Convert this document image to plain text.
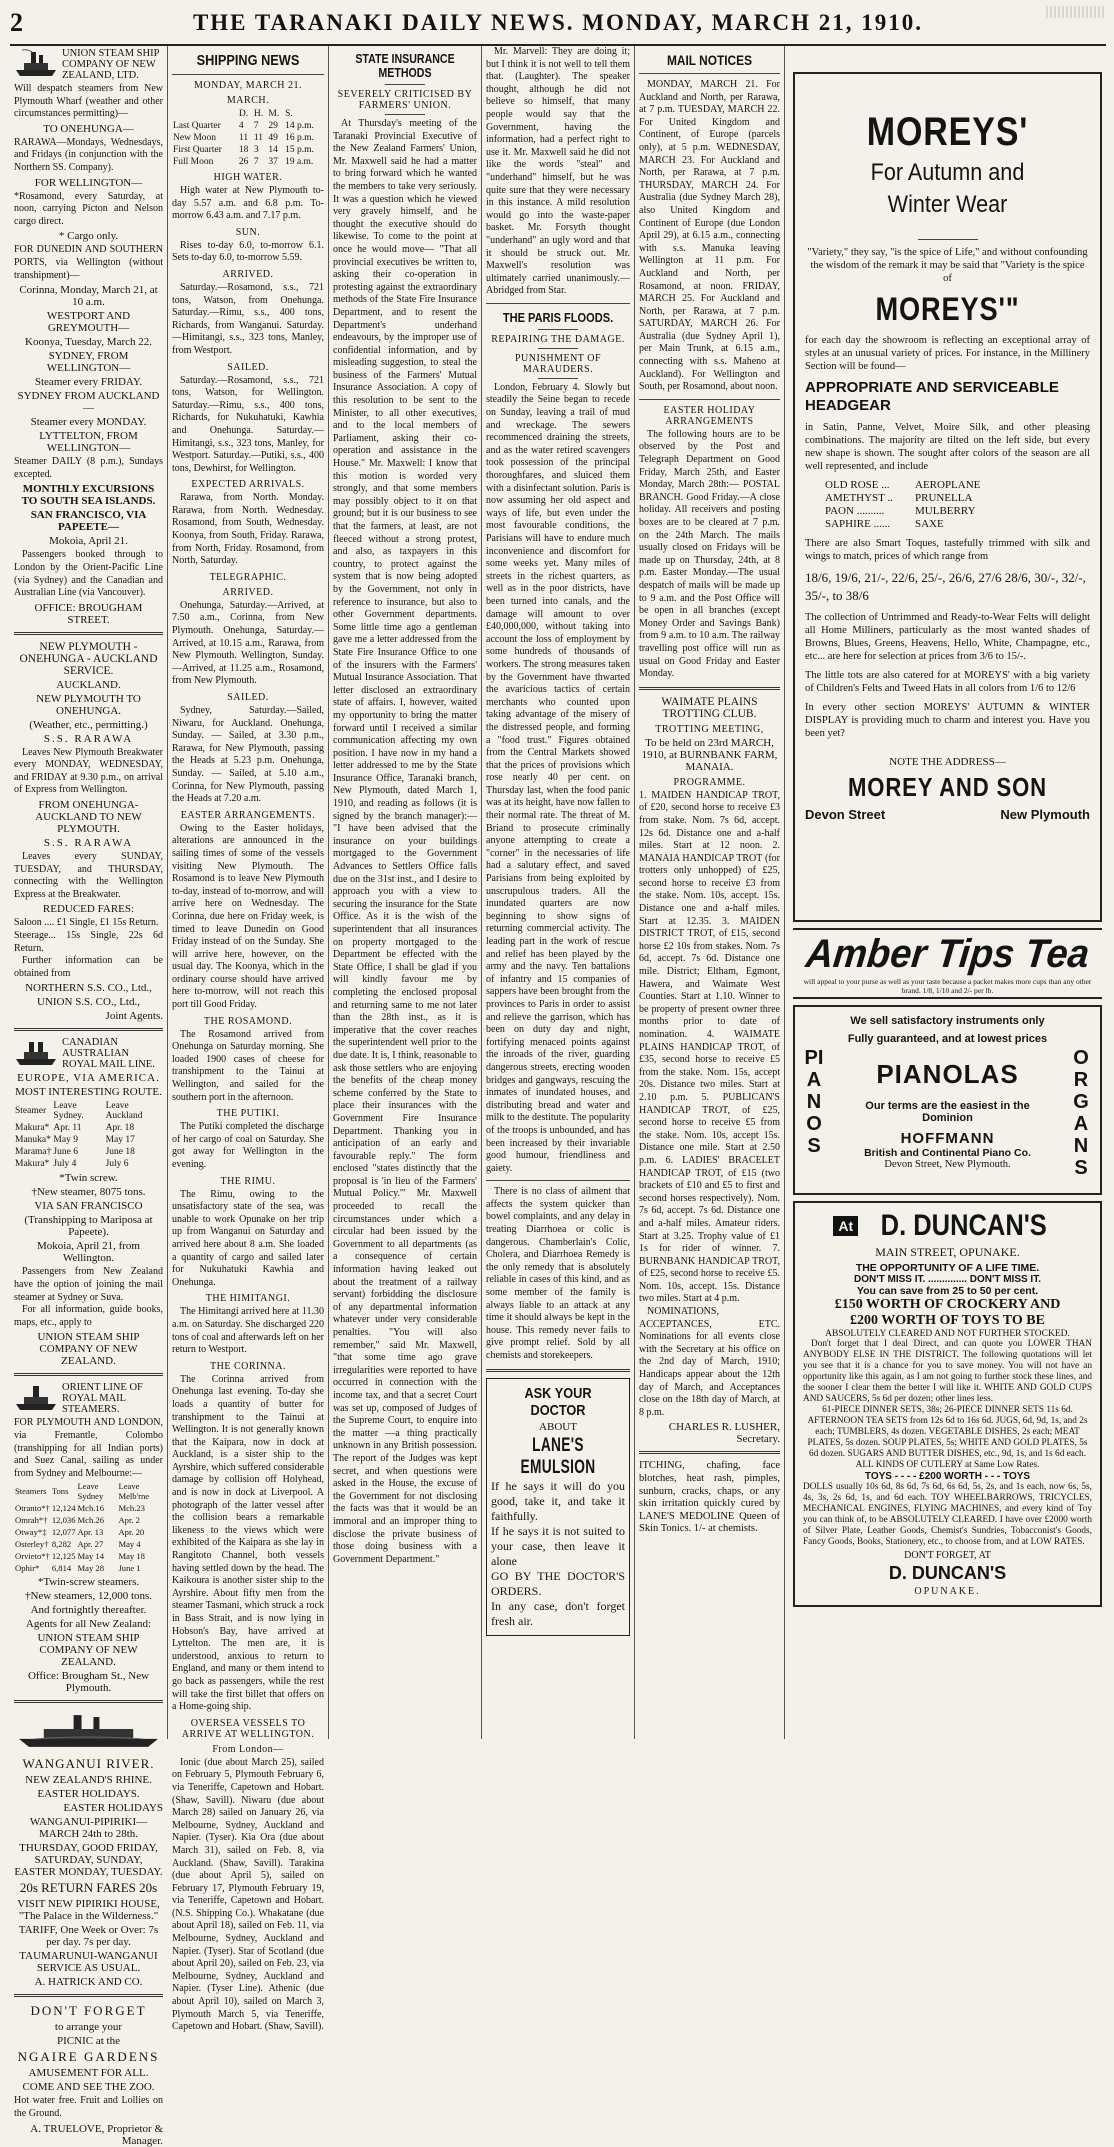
2	THE TARANAKI DAILY NEWS. MONDAY, MARCH 21, 1910.
UNION STEAM SHIP COMPANY OF NEW ZEALAND, LTD.

Will despatch steamers from New Plymouth Wharf (weather and other circumstances permitting)—

TO ONEHUNGA—

RARAWA—Mondays, Wednesdays, and Fridays (in conjunction with the Northern SS. Company).

FOR WELLINGTON—

*Rosamond, every Saturday, at noon, carrying Picton and Nelson cargo direct.

* Cargo only.

FOR DUNEDIN AND SOUTHERN PORTS, via Wellington (without transhipment)—

Corinna, Monday, March 21, at 10 a.m.
WESTPORT AND GREYMOUTH—
Koonya, Tuesday, March 22.
SYDNEY, FROM WELLINGTON—
Steamer every FRIDAY.
SYDNEY FROM AUCKLAND—
Steamer every MONDAY.
LYTTELTON, FROM WELLINGTON—

Steamer DAILY (8 p.m.), Sundays excepted.

MONTHLY EXCURSIONS TO SOUTH SEA ISLANDS.
SAN FRANCISCO, VIA PAPEETE—
Mokoia, April 21.

Passengers booked through to London by the Orient-Pacific Line (via Sydney) and the Canadian and Australian Line (via Vancouver).

OFFICE: BROUGHAM STREET.
NEW PLYMOUTH - ONEHUNGA - AUCKLAND SERVICE.
AUCKLAND.
NEW PLYMOUTH TO ONEHUNGA.
(Weather, etc., permitting.)
S.S. RARAWA

Leaves New Plymouth Breakwater every MONDAY, WEDNESDAY, and FRIDAY at 9.30 p.m., on arrival of Express from Wellington.

FROM ONEHUNGA-AUCKLAND TO NEW PLYMOUTH.
S.S. RARAWA

Leaves every SUNDAY, TUESDAY, and THURSDAY, connecting with the Wellington Express at the Breakwater.

REDUCED FARES:

Saloon .... £1 Single, £1 15s Return.

Steerage... 15s Single, 22s 6d Return.

Further information can be obtained from

NORTHERN S.S. CO., Ltd.,
UNION S.S. CO., Ltd.,
Joint Agents.
CANADIAN AUSTRALIAN ROYAL MAIL LINE.
EUROPE, VIA AMERICA.
MOST INTERESTING ROUTE.
Steamer	Leave Sydney.	Leave Auckland
Makura*	Apr. 11	Apr. 18
Manuka*	May 9	May 17
Marama†	June 6	June 18
Makura*	July 4	July 6
*Twin screw.
†New steamer, 8075 tons.
VIA SAN FRANCISCO
(Transhipping to Mariposa at Papeete).
Mokoia, April 21, from Wellington.

Passengers from New Zealand have the option of joining the mail steamer at Sydney or Suva.

For all information, guide books, maps, etc., apply to

UNION STEAM SHIP COMPANY OF NEW ZEALAND.
ORIENT LINE OF ROYAL MAIL STEAMERS.

FOR PLYMOUTH AND LONDON, via Fremantle, Colombo (transhipping for all Indian ports) and Suez Canal, sailing as under from Sydney and Melbourne:—

Steamers	Tons	Leave Sydney	Leave Melb'rne
Otranto*†	12,124	Mch.16	Mch.23
Omrah*†	12,036	Mch.26	Apr. 2
Otway*‡	12,077	Apr. 13	Apr. 20
Osterley†	8,282	Apr. 27	May 4
Orvieto*†	12,125	May 14	May 18
Ophir*	6,814	May 28	June 1
*Twin-screw steamers.
†New steamers, 12,000 tons.
And fortnightly thereafter.
Agents for all New Zealand:
UNION STEAM SHIP COMPANY OF NEW ZEALAND.
Office: Brougham St., New Plymouth.
WANGANUI RIVER.
NEW ZEALAND'S RHINE.
EASTER HOLIDAYS.
EASTER HOLIDAYS
WANGANUI-PIPIRIKI—MARCH 24th to 28th.
THURSDAY, GOOD FRIDAY, SATURDAY, SUNDAY, EASTER MONDAY, TUESDAY.
20s RETURN FARES 20s
VISIT NEW PIPIRIKI HOUSE, "The Palace in the Wilderness."
TARIFF, One Week or Over: 7s per day. 7s per day.
TAUMARUNUI-WANGANUI SERVICE AS USUAL.
A. HATRICK AND CO.
DON'T FORGET
to arrange your
PICNIC at the
NGAIRE GARDENS
AMUSEMENT FOR ALL.
COME AND SEE THE ZOO.

Hot water free. Fruit and Lollies on the Ground.

A. TRUELOVE, Proprietor & Manager.
SHIPPING NEWS
MONDAY, MARCH 21.
MARCH.
	D.	H.	M.	S.
Last Quarter	4	7	29	14 p.m.
New Moon	11	11	49	16 p.m.
First Quarter	18	3	14	15 p.m.
Full Moon	26	7	37	19 a.m.
HIGH WATER.

High water at New Plymouth to-day 5.57 a.m. and 6.8 p.m. To-morrow 6.43 a.m. and 7.17 p.m.

SUN.

Rises to-day 6.0, to-morrow 6.1. Sets to-day 6.0, to-morrow 5.59.

ARRIVED.

Saturday.—Rosamond, s.s., 721 tons, Watson, from Onehunga. Saturday.—Rimu, s.s., 400 tons, Richards, from Wanganui. Saturday.—Himitangi, s.s., 323 tons, Manley, from Westport.

SAILED.

Saturday.—Rosamond, s.s., 721 tons, Watson, for Wellington. Saturday.—Rimu, s.s., 400 tons, Richards, for Nukuhatuki, Kawhia and Onehunga. Saturday.—Himitangi, s.s., 323 tons, Manley, for Westport. Saturday.—Putiki, s.s., 400 tons, Dewhirst, for Wellington.

EXPECTED ARRIVALS.

Rarawa, from North. Monday. Rarawa, from North. Wednesday. Rosamond, from South, Wednesday. Koonya, from South, Friday. Rarawa, from North, Friday. Rosamond, from North, Saturday.

TELEGRAPHIC.
ARRIVED.

Onehunga, Saturday.—Arrived, at 7.50 a.m., Corinna, from New Plymouth. Onehunga, Saturday.—Arrived, at 10.15 a.m., Rarawa, from New Plymouth. Wellington, Sunday.—Arrived, at 11.25 a.m., Rosamond, from New Plymouth.

SAILED.

Sydney, Saturday.—Sailed, Niwaru, for Auckland. Onehunga, Sunday. — Sailed, at 3.30 p.m., Rarawa, for New Plymouth, passing the Heads at 5.23 p.m. Onehunga, Sunday. — Sailed, at 5.10 a.m., Corinna, for New Plymouth, passing the Heads at 7.20 a.m.

EASTER ARRANGEMENTS.

Owing to the Easter holidays, alterations are announced in the sailing times of some of the vessels visiting New Plymouth. The Rosamond is to leave New Plymouth to-day, instead of to-morrow, and will arrive here on Wednesday. The Corinna, due here on Friday week, is timed to leave Dunedin on Good Friday instead of on the Sunday. She will arrive here, however, on the usual day. The Koonya, which in the ordinary course should have arrived here to-morrow, will not reach this port till Good Friday.

THE ROSAMOND.

The Rosamond arrived from Onehunga on Saturday morning. She loaded 1900 cases of cheese for transhipment to the Tainui at Wellington, and sailed for the southern port in the afternoon.

THE PUTIKI.

The Putiki completed the discharge of her cargo of coal on Saturday. She got away for Wellington in the evening.

THE RIMU.

The Rimu, owing to the unsatisfactory state of the sea, was unable to work Opunake on her trip up from Wanganui on Saturday and arrived here about 8 a.m. She loaded a quantity of cargo and sailed later for Nukuhatuki Kawhia and Onehunga.

THE HIMITANGI.

The Himitangi arrived here at 11.30 a.m. on Saturday. She discharged 220 tons of coal and afterwards left on her return to Westport.

THE CORINNA.

The Corinna arrived from Onehunga last evening. To-day she loads a quantity of butter for transhipment to the Tainui at Wellington. It is not generally known that the Kaipara, now in dock at Auckland, is a sister ship to the Ayrshire, which suffered considerable damage by collision off Holyhead, and is now in dock at Liverpool. A photograph of the latter vessel after the collision bears a remarkable likeness to the views which were exhibited of the Kaipara as she lay in Rangitoto Channel, both vessels having settled down by the head. The Kaikoura is another sister ship to the Ayrshire. About fifty men from the steamer Tasmani, which struck a rock in Bass Strait, and is now lying in Hobson's Bay, have arrived at Lyttelton. The men are, it is understood, anxious to return to England, and many or them intend to go back as passengers, while the rest will take the first billet that offers on a Home-going ship.

OVERSEA VESSELS TO ARRIVE AT WELLINGTON.
From London—

Ionic (due about March 25), sailed on February 5, Plymouth February 6, via Teneriffe, Capetown and Hobart. (Shaw, Savill). Niwaru (due about March 28) sailed on January 26, via Melbourne, Sydney, Auckland and Napier. (Tyser). Kia Ora (due about March 31), sailed on Feb. 8, via Auckland. (Shaw, Savill). Tarakina (due about April 5), sailed on February 17, Plymouth February 19, via Teneriffe, Capetown and Hobart. (N.S. Shipping Co.). Whakatane (due about April 18), sailed on Feb. 11, via Melbourne, Sydney, Auckland and Napier. (Tyser). Star of Scotland (due about April 20), sailed on Feb. 23, via Melbourne, Sydney, Auckland and Napier. (Tyser Line). Athenic (due about April 10), sailed on March 3, Plymouth March 5, via Teneriffe, Capetown and Hobart. (Shaw, Savill).

STATE INSURANCE METHODS
SEVERELY CRITICISED BY FARMERS' UNION.

At Thursday's meeting of the Taranaki Provincial Executive of the New Zealand Farmers' Union, Mr. Maxwell said he had a matter to bring forward which he wanted the members to take very seriously. It was a question which he viewed very gravely himself, and he thought the executive should do likewise. To come to the point at once he would move— "That all provincial executives be written to, asking their co-operation in protesting against the extraordinary methods of the State Fire Insurance Department, and to resent the Department's underhand endeavours, by the improper use of confidential information, and by misleading suggestion, to steal the business of the Farmers' Mutual Insurance Association. A copy of this resolution to be sent to the Minister, to all other executives, and to the local members of Parliament, asking their co-operation and assistance in the House." Mr. Maxwell: I know that this motion is worded very strongly, and that some members may possibly object to it on that ground; but it is our business to see that the farmers, at least, are not fleeced without a strong protest, and also, as taxpayers in this country, to protect against the system that is now being adopted by the Government, not only in reference to insurance, but also to other Government departments. Some little time ago a gentleman gave me a letter addressed from the State Fire Insurance Office to one of the insurers with the Farmers' Mutual Insurance Association. That letter disclosed an extraordinary state of affairs. I, however, waited my opportunity to bring the matter forward until I received a similar communication affecting my own position. I have now in my hand a letter addressed to me by the State Insurance Office, Taranaki branch, New Plymouth, dated March 1, 1910, and reading as follows (it is signed by the branch manager):— "I have been advised that the insurance on your buildings mortgaged to the Government Advances to Settlers Office falls due on the 31st inst., and I desire to approach you with a view to securing the insurance for the State Office. As it is the wish of the superintendent that all insurances on property mortgaged to the Department be effected with the State Office, I shall be glad if you will kindly favour me by completing the enclosed proposal and returning same to me not later than the 28th inst., as it is imperative that the cover reaches the superintendent well prior to the due date. It is, I think, reasonable to ask those settlers who are enjoying the benefits of the cheap money scheme conferred by the State to place their insurances with the Government Fire Insurance Department. Thanking you in anticipation of an early and favourable reply." The form enclosed "states distinctly that the proposal is 'in lieu of the Farmers' Mutual Policy.'" Mr. Maxwell proceeded to recall the circumstances under which a circular had been issued by the Government to all departments (as a consequence of certain information having leaked out about the treatment of a railway servant) forbidding the disclosure of any departmental information whatever under very considerable penalties. "You will also remember," said Mr. Maxwell, "that some time ago grave irregularities were reported to have occurred in connection with the income tax, and that a secret Court was set up, composed of Judges of the Supreme Court, to enquire into the matter —a thing practically unknown in any British possession. The report of the Judges was kept secret, and when questions were asked in the House, the excuse of the Government for not disclosing the facts was that it would be an immoral and an improper thing to disclose the private business of those doing business with a Government Department."

Mr. Marvell: They are doing it; but I think it is not well to tell them that. (Laughter). The speaker thought, although he did not believe so himself, that many people would say that the Government, having the information, had a perfect right to use it. Mr. Maxwell said he did not like the words "steal" and "underhand" himself, but he was quite sure that they were necessary in this instance. A mild resolution would go into the waste-paper basket. Mr. Forsyth thought "underhand" an ugly word and that it should be struck out. Mr. Maxwell's resolution was ultimately carried unanimously.—Abridged from Star.

THE PARIS FLOODS.
REPAIRING THE DAMAGE.
PUNISHMENT OF MARAUDERS.

London, February 4. Slowly but steadily the Seine began to recede on Sunday, leaving a trail of mud and wreckage. The sewers recommenced draining the streets, and as the water retired scavengers took possession of the principal thoroughfares, and sluiced them with a disinfectant solution. Paris is now assuming her old aspect and ways of life, but even under the most favourable conditions, the Parisians will have to endure much inconvenience and discomfort for some weeks yet. Many miles of streets in the richest quarters, as well as in the poor districts, have been turned into canals, and the damage will amount to over £40,000,000, without taking into account the loss of employment by some hundreds of thousands of workers. The strong measures taken by the Government have thwarted the avaricious tactics of certain merchants who counted upon taking advantage of the misery of the distressed people, and forming a "food trust." Figures obtained from the Central Markets showed that the prices of provisions which rose nearly 40 per cent. on Thursday last, when the food panic was at its height, have now fallen to their normal rate. The threat of M. Briand to prosecute criminally anyone attempting to create a "corner" in the necessaries of life had a salutary effect, and saved Parisians from being exploited by unscrupulous traders. All the inundated quarters are now beginning to show signs of returning commercial activity. The leading part in the work of rescue and relief has been played by the army and the navy. Ten battalions of infantry and 15 companies of sappers have been brought from the provinces to Paris in order to assist and relieve the garrison, which has been on duty day and night, fortifying menaced points against the inroads of the river, guarding dangerous streets, erecting wooden bridges and gangways, rescuing the inmates of inundated houses, and distributing bread and water and milk to the destitute. The popularity of the troops is unbounded, and has been increased by their invariable good humour, friendliness and gaiety.

There is no class of ailment that affects the system quicker than bowel complaints, and any delay in treating Diarrhoea or colic is dangerous. Chamberlain's Colic, Cholera, and Diarrhoea Remedy is the only remedy that is absolutely reliable in cases of this kind, and as some member of the family is always liable to an attack at any time it should always be kept in the house. This remedy never fails to give prompt relief. Sold by all chemists and storekeepers.

ASK YOUR DOCTOR
ABOUT
LANE'S EMULSION

If he says it will do you good, take it, and take it faithfully.

If he says it is not suited to your case, then leave it alone

GO BY THE DOCTOR'S ORDERS.

In any case, don't forget fresh air.

MAIL NOTICES

MONDAY, MARCH 21. For Auckland and North, per Rarawa, at 7 p.m. TUESDAY, MARCH 22. For United Kingdom and Continent, of Europe (parcels only), at 5 p.m. WEDNESDAY, MARCH 23. For Auckland and North, per Rarawa, at 7 p.m. THURSDAY, MARCH 24. For Australia (due Sydney March 28), also United Kingdom and Continent of Europe (due London April 29), at 6.15 a.m., connecting with s.s. Manuka leaving Wellington at 11 p.m. For Auckland and North, per Rosamond, at noon. FRIDAY, MARCH 25. For Auckland and North, per Rarawa, at 7 p.m. SATURDAY, MARCH 26. For Australia (due Sydney April 1), per Main Trunk, at 6.15 a.m., connecting with s.s. Maheno at Auckland). For Wellington and South, per Rosamond, about noon.

EASTER HOLIDAY ARRANGEMENTS

The following hours are to be observed by the Post and Telegraph Department on Good Friday, March 25th, and Easter Monday, March 28th:— POSTAL BRANCH. Good Friday.—A close holiday. All receivers and posting boxes are to be cleared at 7 p.m. on the 24th March. The mails usually closed on Fridays will be made up on Thursday, 24th, at 8 p.m. Easter Monday.—The usual despatch of mails will be made up to 9 a.m. and the Post Office will be open in all branches (except Money Order and Savings Bank) from 9 a.m. to 10 a.m. The railway travelling post office will run as usual on Good Friday and Easter Monday.

WAIMATE PLAINS TROTTING CLUB.
TROTTING MEETING,
To be held on 23rd MARCH, 1910, at BURNBANK FARM, MANAIA.
PROGRAMME.

1. MAIDEN HANDICAP TROT, of £20, second horse to receive £3 from stake. Nom. 7s 6d, accept. 12s 6d. Distance one and a-half miles. Start at 12 noon. 2. MANAIA HANDICAP TROT (for trotters only unhopped) of £25, second horse to receive £3 from the stake. Nom. 10s, accept. 15s. Distance one and a-half miles. Start at 12.35. 3. MAIDEN DISTRICT TROT, of £15, second horse £2 10s from stakes. Nom. 7s 6d, accept. 7s 6d. Distance one mile. District; Eltham, Egmont, Hawera, and Waimate West Counties. Start at 1.10. Winner to be property of present owner three months prior to date of nomination. 4. WAIMATE PLAINS HANDICAP TROT, of £35, second horse to receive £5 from the stake. Nom. 15s, accept 20s. Distance two miles. Start at 2.10 p.m. 5. PUBLICAN'S HANDICAP TROT, of £25, second horse to receive £5 from the stake. Nom. 10s, accept 15s. Distance one mile. Start at 2.50 p.m. 6. LADIES' BRACELET HANDICAP TROT, of £15 (two brackets of £10 and £5 to first and second horses respectively). Nom. 7s 6d, accept. 7s 6d. Distance one and a-half miles. Amateur riders. Start at 3.25. Trophy value of £1 1s for rider of winner. 7. BURNBANK HANDICAP TROT, of £25, second horse to receive £5. Nom. 10s, accept. 15s. Distance two miles. Start at 4 p.m.

NOMINATIONS, ACCEPTANCES, ETC. Nominations for all events close with the Secretary at his office on the 2nd day of March, 1910; Handicaps appear about the 12th day of March, and Acceptances close on the 18th day of March, at 8 p.m.

CHARLES R. LUSHER, Secretary.

ITCHING, chafing, face blotches, heat rash, pimples, sunburn, cracks, chaps, or any skin irritation quickly cured by LANE'S MEDOLINE Queen of Skin Tonics. 1/- at chemists.

MOREYS'
For Autumn and
Winter Wear

"Variety," they say, "is the spice of Life," and without confounding the wisdom of the remark it may be said that "Variety is the spice of

MOREYS'"

for each day the showroom is reflecting an exceptional array of styles at an unusual variety of prices. For instance, in the Millinery Section will be found—

APPROPRIATE AND SERVICEABLE HEADGEAR

in Satin, Panne, Velvet, Moire Silk, and other pleasing combinations. The majority are tilted on the left side, but every new shape is shown. The sought after colors of the season are all well represented, and include

OLD ROSE ...
AMETHYST ..
PAON ..........
SAPHIRE ......
AEROPLANE
PRUNELLA
MULBERRY
SAXE

There are also Smart Toques, tastefully trimmed with silk and wings to match, prices of which range from

18/6, 19/6, 21/-, 22/6, 25/-, 26/6, 27/6 28/6, 30/-, 32/-, 35/-, to 38/6

The collection of Untrimmed and Ready-to-Wear Felts will delight all Home Milliners, particularly as the most wanted shades of Browns, Blues, Greens, Heavens, Hello, White, Champagne, etc., etc... are here for selection at prices from 3/6 to 15/-.

The little tots are also catered for at MOREYS' with a big variety of Children's Felts and Tweed Hats in all colors from 1/6 to 12/6

In every other section MOREYS' AUTUMN & WINTER DISPLAY is providing much to charm and interest you. Have you been yet?

NOTE THE ADDRESS—
MOREY AND SON
Devon Street	New Plymouth
Amber Tips Tea
will appeal to your purse as well as your taste because a packet makes more cups than any other brand. 1/8, 1/10 and 2/- per lb.
PIANOS
ORGANS
We sell satisfactory instruments only
Fully guaranteed, and at lowest prices
PIANOLAS
Our terms are the easiest in the Dominion
HOFFMANN
British and Continental Piano Co.
Devon Street, New Plymouth.
At D. DUNCAN'S
MAIN STREET, OPUNAKE.
THE OPPORTUNITY OF A LIFE TIME.
DON'T MISS IT. .............. DON'T MISS IT.
You can save from 25 to 50 per cent.
£150 WORTH OF CROCKERY AND
£200 WORTH OF TOYS TO BE
ABSOLUTELY CLEARED AND NOT FURTHER STOCKED.

Don't forget that I deal Direct, and can quote you LOWER THAN ANYBODY ELSE IN THE DISTRICT. The following quotations will let you see that it is a chance for you to save money. You will not have an opportunity like this again, as I am not going to further stock these lines, and the sooner I clear them the better I will like it. WHITE AND GOLD CUPS AND SAUCERS, 5s 6d per dozen; other lines less.

61-PIECE DINNER SETS, 38s; 26-PIECE DINNER SETS 11s 6d. AFTERNOON TEA SETS from 12s 6d to 16s 6d. JUGS, 6d, 9d, 1s, and 2s each; TUMBLERS, 4s dozen. VEGETABLE DISHES, 2s each; MEAT PLATES, 5s dozen. SOUP PLATES, 5s; WHITE AND GOLD PLATES, 5s 6d dozen. SUGARS AND BUTTER DISHES, etc., 9d, 1s, and 1s 6d each. ALL KINDS OF CUTLERY at Same Low Rates.

TOYS - - - - £200 WORTH - - - TOYS

DOLLS usually 10s 6d, 8s 6d, 7s 6d, 6s 6d, 5s, 2s, and 1s each, now 6s, 5s, 4s, 3s, 2s 6d, 1s, and 6d each. TOY WHEELBARROWS, TRICYCLES, MECHANICAL ENGINES, FLYING MACHINES, and every kind of Toy you can think of, to be ABSOLUTELY CLEARED. I have over £2000 worth of Silver Plate, Leather Goods, Chemist's Sundries, Tobacconist's Goods, Fancy Goods, Books, Stationery, etc., to choose from, and at LOW RATES.

DON'T FORGET, AT
D. DUNCAN'S
OPUNAKE.
